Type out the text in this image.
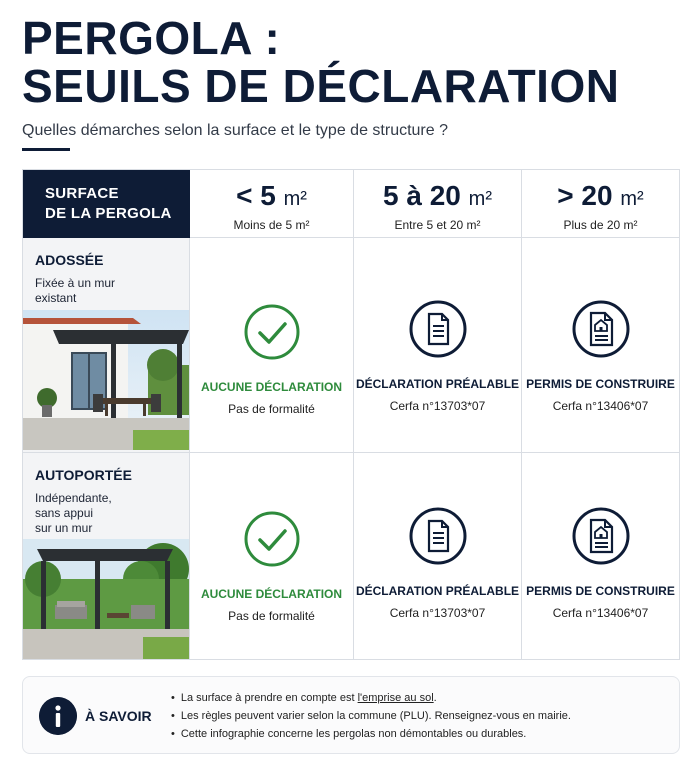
PERGOLA :
SEUILS DE DÉCLARATION
Quelles démarches selon la surface et le type de structure ?
SURFACE
DE LA PERGOLA
< 5 m²
Moins de 5 m²
5 à 20 m²
Entre 5 et 20 m²
> 20 m²
Plus de 20 m²
ADOSSÉE
Fixée à un mur existant
AUCUNE DÉCLARATION
Pas de formalité
DÉCLARATION PRÉALABLE
Cerfa n°13703*07
PERMIS DE CONSTRUIRE
Cerfa n°13406*07
AUTOPORTÉE
Indépendante, sans appui sur un mur
AUCUNE DÉCLARATION
Pas de formalité
DÉCLARATION PRÉALABLE
Cerfa n°13703*07
PERMIS DE CONSTRUIRE
Cerfa n°13406*07
À SAVOIR
• La surface à prendre en compte est l'emprise au sol.
• Les règles peuvent varier selon la commune (PLU). Renseignez-vous en mairie.
• Cette infographie concerne les pergolas non démontables ou durables.
